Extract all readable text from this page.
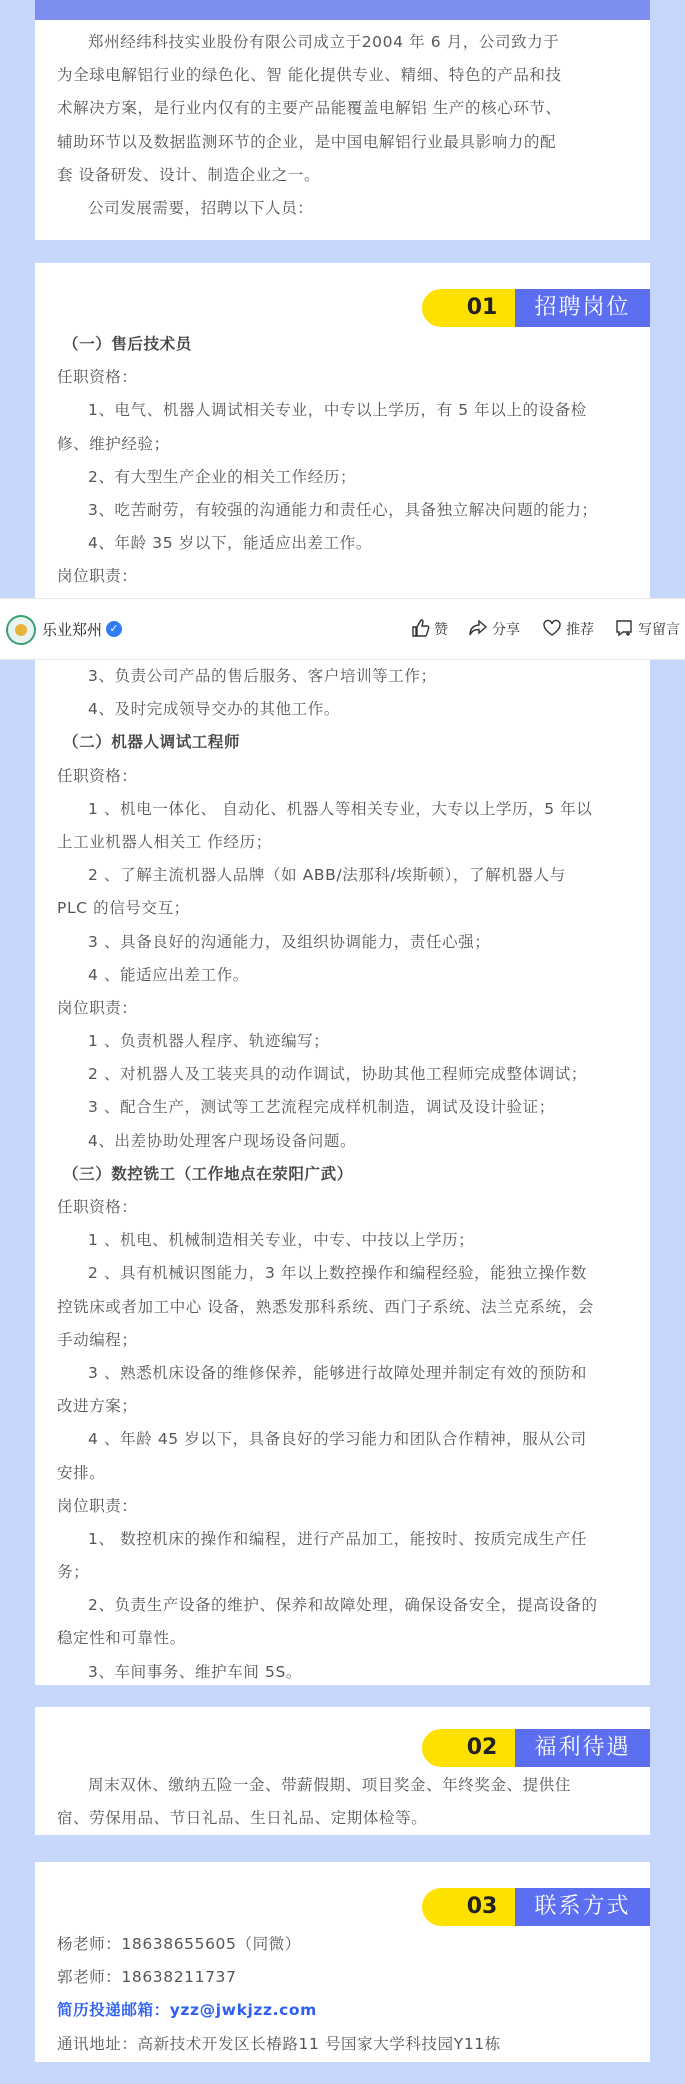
郑州经纬科技实业股份有限公司成立于2004 年 6 月，公司致力于
为全球电解铝行业的绿色化、智 能化提供专业、精细、特色的产品和技
术解决方案，是行业内仅有的主要产品能覆盖电解铝 生产的核心环节、
辅助环节以及数据监测环节的企业，是中国电解铝行业最具影响力的配
套 设备研发、设计、制造企业之一。
公司发展需要，招聘以下人员：
01	招聘岗位
（一）售后技术员
任职资格：
1、电气、机器人调试相关专业，中专以上学历，有 5 年以上的设备检
修、维护经验；
2、有大型生产企业的相关工作经历；
3、吃苦耐劳，有较强的沟通能力和责任心，具备独立解决问题的能力；
4、年龄 35 岁以下，能适应出差工作。
岗位职责：
乐业郑州 ✓	赞	分享	推荐	写留言
3、负责公司产品的售后服务、客户培训等工作；
4、及时完成领导交办的其他工作。
（二）机器人调试工程师
任职资格：
1 、机电一体化、 自动化、机器人等相关专业，大专以上学历，5 年以
上工业机器人相关工 作经历；
2 、了解主流机器人品牌（如 ABB/法那科/埃斯顿），了解机器人与
PLC 的信号交互；
3 、具备良好的沟通能力，及组织协调能力，责任心强；
4 、能适应出差工作。
岗位职责：
1 、负责机器人程序、轨迹编写；
2 、对机器人及工装夹具的动作调试，协助其他工程师完成整体调试；
3 、配合生产，测试等工艺流程完成样机制造，调试及设计验证；
4、出差协助处理客户现场设备问题。
（三）数控铣工（工作地点在荥阳广武）
任职资格：
1 、机电、机械制造相关专业，中专、中技以上学历；
2 、具有机械识图能力，3 年以上数控操作和编程经验，能独立操作数
控铣床或者加工中心 设备，熟悉发那科系统、西门子系统、法兰克系统，会
手动编程；
3 、熟悉机床设备的维修保养，能够进行故障处理并制定有效的预防和
改进方案；
4 、年龄 45 岁以下，具备良好的学习能力和团队合作精神，服从公司
安排。
岗位职责：
1、 数控机床的操作和编程，进行产品加工，能按时、按质完成生产任
务；
2、负责生产设备的维护、保养和故障处理，确保设备安全，提高设备的
稳定性和可靠性。
3、车间事务、维护车间 5S。
02	福利待遇
周末双休、缴纳五险一金、带薪假期、项目奖金、年终奖金、提供住
宿、劳保用品、节日礼品、生日礼品、定期体检等。
03	联系方式
杨老师：18638655605（同微）
郭老师：18638211737
简历投递邮箱：yzz@jwkjzz.com
通讯地址：高新技术开发区长椿路11 号国家大学科技园Y11栋
